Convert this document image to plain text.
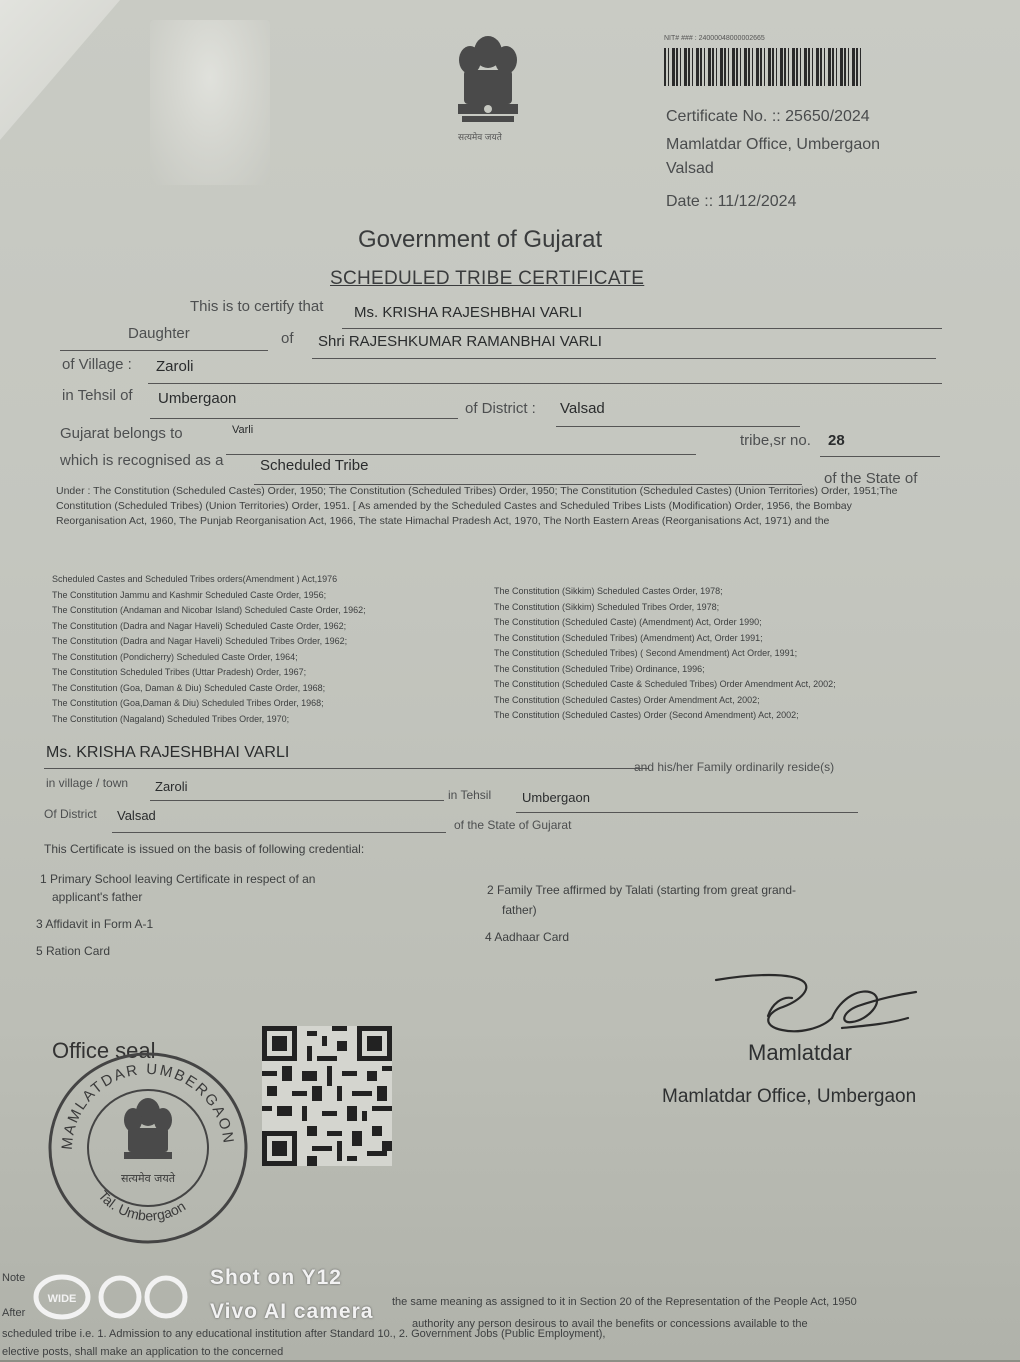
सत्यमेव जयते
NIT# ### : 24000048000002665
Certificate No. :: 25650/2024
Mamlatdar Office, Umbergaon
Valsad
Date :: 11/12/2024
Government of Gujarat
SCHEDULED TRIBE CERTIFICATE
This is to certify that Ms. KRISHA RAJESHBHAI VARLI
Daughter	of Shri RAJESHKUMAR RAMANBHAI VARLI
of Village : Zaroli
in Tehsil of Umbergaon
of District : Valsad
Gujarat belongs to	Varli
tribe,sr no. 28
which is recognised as a Scheduled Tribe
of the State of
Under : The Constitution (Scheduled Castes) Order, 1950; The Constitution (Scheduled Tribes) Order, 1950; The Constitution (Scheduled Castes) (Union Territories) Order, 1951;The Constitution (Scheduled Tribes) (Union Territories) Order, 1951. [ As amended by the Scheduled Castes and Scheduled Tribes Lists (Modification) Order, 1956, the Bombay Reorganisation Act, 1960, The Punjab Reorganisation Act, 1966, The state Himachal Pradesh Act, 1970, The North Eastern Areas (Reorganisations Act, 1971) and the
Scheduled Castes and Scheduled Tribes orders(Amendment ) Act,1976
The Constitution Jammu and Kashmir Scheduled Caste Order, 1956;
The Constitution (Andaman and Nicobar Island) Scheduled Caste Order, 1962;
The Constitution (Dadra and Nagar Haveli) Scheduled Caste Order, 1962;
The Constitution (Dadra and Nagar Haveli) Scheduled Tribes Order, 1962;
The Constitution (Pondicherry) Scheduled Caste Order, 1964;
The Constitution Scheduled Tribes (Uttar Pradesh) Order, 1967;
The Constitution (Goa, Daman & Diu) Scheduled Caste Order, 1968;
The Constitution (Goa,Daman & Diu) Scheduled Tribes Order, 1968;
The Constitution (Nagaland) Scheduled Tribes Order, 1970;
The Constitution (Sikkim) Scheduled Castes Order, 1978;
The Constitution (Sikkim) Scheduled Tribes Order, 1978;
The Constitution (Scheduled Caste) (Amendment) Act, Order 1990;
The Constitution (Scheduled Tribes) (Amendment) Act, Order 1991;
The Constitution (Scheduled Tribes) ( Second Amendment) Act Order, 1991;
The Constitution (Scheduled Tribe) Ordinance, 1996;
The Constitution (Scheduled Caste & Scheduled Tribes) Order Amendment Act, 2002;
The Constitution (Scheduled Castes) Order Amendment Act, 2002;
The Constitution (Scheduled Castes) Order (Second Amendment) Act, 2002;
Ms. KRISHA RAJESHBHAI VARLI
and his/her Family ordinarily reside(s)
in village / town Zaroli
in Tehsil Umbergaon
Of District Valsad
of the State of Gujarat
This Certificate is issued on the basis of following credential:
1 Primary School leaving Certificate in respect of an
applicant's father	2 Family Tree affirmed by Talati (starting from great grand-
father)
3 Affidavit in Form A-1
4 Aadhaar Card
5 Ration Card
Office seal
MAMLATDAR UMBERGAON
Tal. Umbergaon
सत्यमेव जयते
Mamlatdar
Mamlatdar Office, Umbergaon
Note
the same meaning as assigned to it in Section 20 of the Representation of the People Act, 1950
After
authority any person desirous to avail the benefits or concessions available to the
scheduled tribe i.e. 1. Admission to any educational institution after Standard 10., 2. Government Jobs (Public Employment),
elective posts, shall make an application to the concerned
WIDE
Shot on Y12
Vivo AI camera
